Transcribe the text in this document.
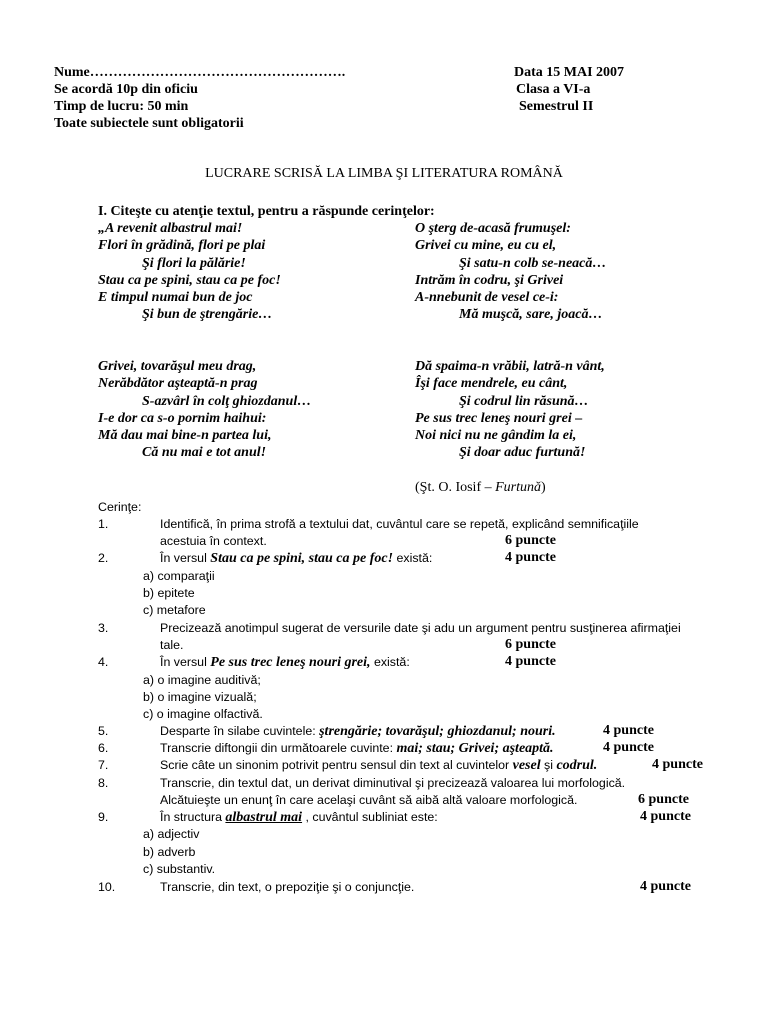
Nume……………………………………………….
Se acordă 10p din oficiu
Timp de lucru: 50 min
Toate subiectele sunt obligatorii
Data 15 MAI 2007
Clasa a VI-a
Semestrul II
LUCRARE SCRISĂ LA LIMBA ŞI LITERATURA ROMÂNĂ
I. Citeşte cu atenţie textul, pentru a răspunde cerinţelor:
„A revenit albastrul mai!
Flori în grădină, flori pe plai
Şi flori la pălărie!
Stau ca pe spini, stau ca pe foc!
E timpul numai bun de joc
Şi bun de ştrengărie…
O şterg de-acasă frumuşel:
Grivei cu mine, eu cu el,
Şi satu-n colb se-neacă…
Intrăm în codru, şi Grivei
A-nnebunit de vesel ce-i:
Mă muşcă, sare, joacă…
Grivei, tovarăşul meu drag,
Nerăbdător aşteaptă-n prag
S-azvârl în colţ ghiozdanul…
I-e dor ca s-o pornim haihui:
Mă dau mai bine-n partea lui,
Că nu mai e tot anul!
Dă spaima-n vrăbii, latră-n vânt,
Îşi face mendrele, eu cânt,
Şi codrul lin răsună…
Pe sus trec leneş nouri grei –
Noi nici nu ne gândim la ei,
Şi doar aduc furtună!
(Şt. O. Iosif – Furtună)
Cerinţe:
1.	Identifică, în prima strofă a textului dat, cuvântul care se repetă, explicând semnificaţiile
acestuia în context.	6 puncte
2.	În versul Stau ca pe spini, stau ca pe foc! există:	4 puncte
a) comparaţii
b) epitete
c) metafore
3.	Precizează anotimpul sugerat de versurile date şi adu un argument pentru susţinerea afirmaţiei
tale.	6 puncte
4.	În versul Pe sus trec leneş nouri grei, există:	4 puncte
a) o imagine auditivă;
b) o imagine vizuală;
c) o imagine olfactivă.
5.	Desparte în silabe cuvintele: ştrengărie; tovarăşul; ghiozdanul; nouri.	4 puncte
6.	Transcrie diftongii din următoarele cuvinte: mai; stau; Grivei; aşteaptă.	4 puncte
7.	Scrie câte un sinonim potrivit pentru sensul din text al cuvintelor vesel şi codrul.	4 puncte
8.	Transcrie, din textul dat, un derivat diminutival şi precizează valoarea lui morfologică.
Alcătuieşte un enunţ în care acelaşi cuvânt să aibă altă valoare morfologică.	6 puncte
9.	În structura albastrul mai , cuvântul subliniat este:	4 puncte
a) adjectiv
b) adverb
c) substantiv.
10.	Transcrie, din text, o prepoziţie şi o conjuncţie.	4 puncte
